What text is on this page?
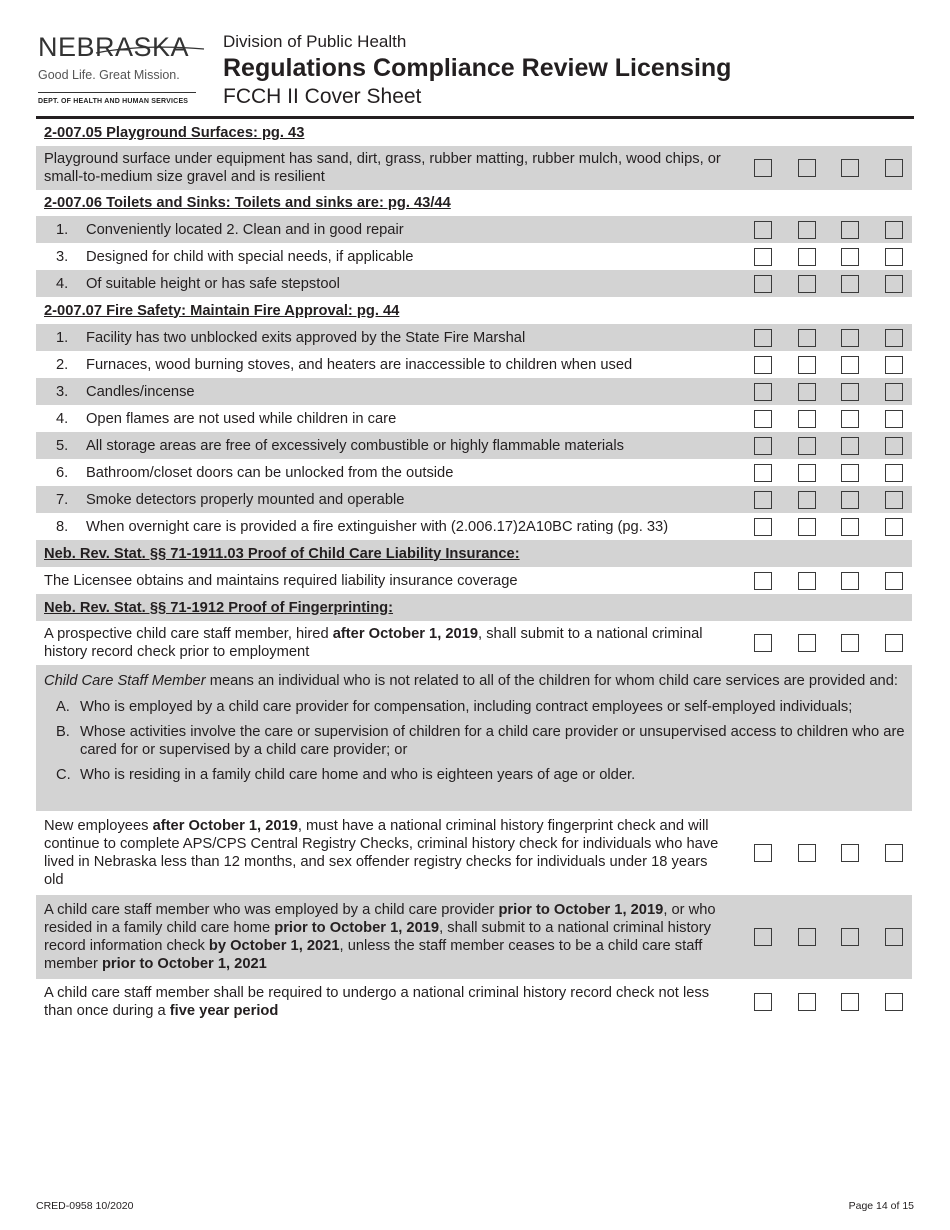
NEBRASKA
Good Life. Great Mission.
DEPT. OF HEALTH AND HUMAN SERVICES
Division of Public Health
Regulations Compliance Review Licensing
FCCH II Cover Sheet
2-007.05 Playground Surfaces: pg. 43
Playground surface under equipment has sand, dirt, grass, rubber matting, rubber mulch, wood chips, or small-to-medium size gravel and is resilient
2-007.06 Toilets and Sinks: Toilets and sinks are: pg. 43/44
1.	Conveniently located 2. Clean and in good repair
3.	Designed for child with special needs, if applicable
4.	Of suitable height or has safe stepstool
2-007.07 Fire Safety: Maintain Fire Approval: pg. 44
1.	Facility has two unblocked exits approved by the State Fire Marshal
2.	Furnaces, wood burning stoves, and heaters are inaccessible to children when used
3.	Candles/incense
4.	Open flames are not used while children in care
5.	All storage areas are free of excessively combustible or highly flammable materials
6.	Bathroom/closet doors can be unlocked from the outside
7.	Smoke detectors properly mounted and operable
8.	When overnight care is provided a fire extinguisher with (2.006.17)2A10BC rating (pg. 33)
Neb. Rev. Stat. §§ 71-1911.03 Proof of Child Care Liability Insurance:
The Licensee obtains and maintains required liability insurance coverage
Neb. Rev. Stat. §§ 71-1912 Proof of Fingerprinting:
A prospective child care staff member, hired after October 1, 2019, shall submit to a national criminal history record check prior to employment
Child Care Staff Member means an individual who is not related to all of the children for whom child care services are provided and:
A. Who is employed by a child care provider for compensation, including contract employees or self-employed individuals;
B. Whose activities involve the care or supervision of children for a child care provider or unsupervised access to children who are cared for or supervised by a child care provider; or
C. Who is residing in a family child care home and who is eighteen years of age or older.
New employees after October 1, 2019, must have a national criminal history fingerprint check and will continue to complete APS/CPS Central Registry Checks, criminal history check for individuals who have lived in Nebraska less than 12 months, and sex offender registry checks for individuals under 18 years old
A child care staff member who was employed by a child care provider prior to October 1, 2019, or who resided in a family child care home prior to October 1, 2019, shall submit to a national criminal history record information check by October 1, 2021, unless the staff member ceases to be a child care staff member prior to October 1, 2021
A child care staff member shall be required to undergo a national criminal history record check not less than once during a five year period
CRED-0958 10/2020	Page 14 of 15
